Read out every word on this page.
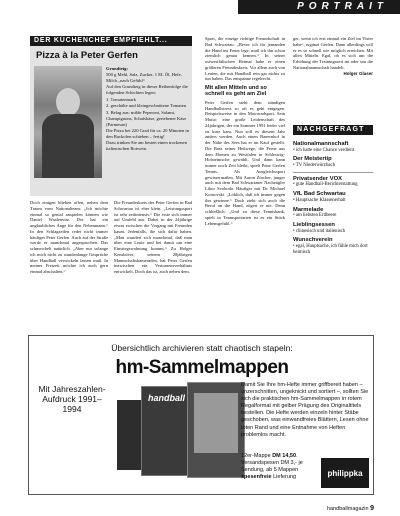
PORTRAIT
DER KÜCHENCHEF EMPFIEHLT...
Pizza à la Peter Gerfen

Grundteig:
500 g Mehl, Salz, Zucker, 1 EL Öl, Hefe, Milch „nach Gefühl“

Auf den Grundteig in dieser Reihenfolge die folgenden Schichten legen:

1. Tomatenmark

2. geschälte und kleingeschnittene Tomaten

3. Belag aus: milde Peperoni, Salami, Champignons, Schafskäse, geriebener Käse (Parmesan)

Die Pizza bei 220 Grad für ca. 20 Minuten in den Backofen schieben – fertig!

Dazu trinken Sie am besten einen trockenen italienischen Rotwein.

Doch einigen blieben offen, neben dem Traum vom Nationalteam: „Ich möchte einmal so genial anspielen können wie Daniel Waalenvitz. Der hat ein unglaubliches Auge für den Nebenmann.“ In den Schlagzeilen redet nicht immer häufiger Peter Gerfen. Auch auf der Straße werde er manchmal angesprochen. Das schmeichelt natürlich. „Aber nur solange ich mich nicht zu stundenlange Gespräche über Handball verwickeln lassen muß. In meiner Freizeit möchte ich auch gern einmal abschalten.“
Die Freundeskreis des Peter Gerfen in Bad Schwartau ist eher klein. „Leistungssport ist sehr zeitintensiv.“ Die erste sich immer auf Umfeld aus. Dabei in der 24jährige etwas zwischen die Vorgang mit Freunden kaum. Jedenfalls, die sich dafür haben. „Man wundert sich manchmal, daß man über eine Leute und bei damit um eine Einstiegswohnung kommt.“ Zu Holger Kensböver, seinem 28jährigen Mannschaftskameraden, hat Peter Gerfen inzwischen ein Vertrauensverhältnis entwickelt. Doch das ist, auch neben dem.

Sport, die einzige richtige Freundschaft in Bad Schwartau. „Bevor ich für jemanden die Hand ins Feuer lege, muß ich ihn schon ziemlich genau kennen.“ In seiner ostwestfälischen Heimat habe er einen größeren Freundeskreis. Vor allem auch von Leuten, die mit Handball rein gar nichts zu tun haben. Das entspanne regelrecht.

Mit allen Mitteln und so schnell es geht am Ziel

Peter Gerfen steht dem ständigen Handballstress so oft es geht entgegen. Beispielsweise in den Motorradsport. Sein Motto: eine große Leidenschaft des 24jährigen, der ein Sommer 1991 leider viel zu kurz kam. Nun soll es diesem Jahr anders werden. Auch einen Bauernhof in der Nähe des Sees hat er im Kauf gestellt. Die Bass seiner Heilwege, die Ferne aus dem Ebenen zu Westfalen in Schleswig-Holsteinische gewählt. Und dann kann immer noch Zeit bleibt, spielt Peter Gerfen Tennis. Als Ausgleichssport gewissermaßen. Mit Aaron Zürcher, junger auch mit dem Bad Schwartauer Nachzügler Libor Svoboda. Häufiger mit Dr. Michael Kornovski. „Löblich, daß ich immer gegen ihn gewinne.“ Doch zieht sich auch die Beruf an die Hand, zögert er nie. Denn schließlich: „Und zu diese Tennisbank, spielt in Teamsportarten ist es ein Stück Lebensgefühl.“

ger, wenn ich erst einmal ein Ziel im Visier habe“, ergänzt Gerfen. Dann allerdings will er es so schnell wie möglich erreichen. Mit allen Mitteln. Egal, ob es sich um die Erhöhung der Trainingszeit im oder um die Nationalmannschaft handelt.

Holger Glaser

NACHGEFRAGT
Nationalmannschaft
• ich hatte eine Chance verdient
Der Meistertip
• TV Niederwürzbach
Privatsender VOX
• gute Handball-Berichterstattung
VfL Bad Schwartau
• Hauptsache Klassenerhalt
Marmelade
• am liebsten Erdbeere
Lieblingsessen
• chinesisch und italienisch
Wunschverein
• egal, Hauptsache, ich fühle mich dort heimisch
Übersichtlich archivieren statt chaotisch stapeln:
hm-Sammelmappen
Mit Jahreszahlen-Aufdruck 1991–1994
handball
Damit Sie Ihre hm-Hefte immer griffbereit haben – unzerschnitten, ungeknickt und sortiert –, sollten Sie sich die praktischen hm-Sammelmappen in rotem Regalformat mit gelber Prägung des Originaltitels bestellen. Die Hefte werden einzeln hinter Stäbe geschoben, was einwandfreies Blättern, Lesen ohne toten Rand und eine Entnahme von Heften problemlos macht.
12er-Mappe DM 14,50. Versandspesen DM 3,- je Sendung, ab 5 Mappen spesenfreie Lieferung	philippka
handballmagazin 9
